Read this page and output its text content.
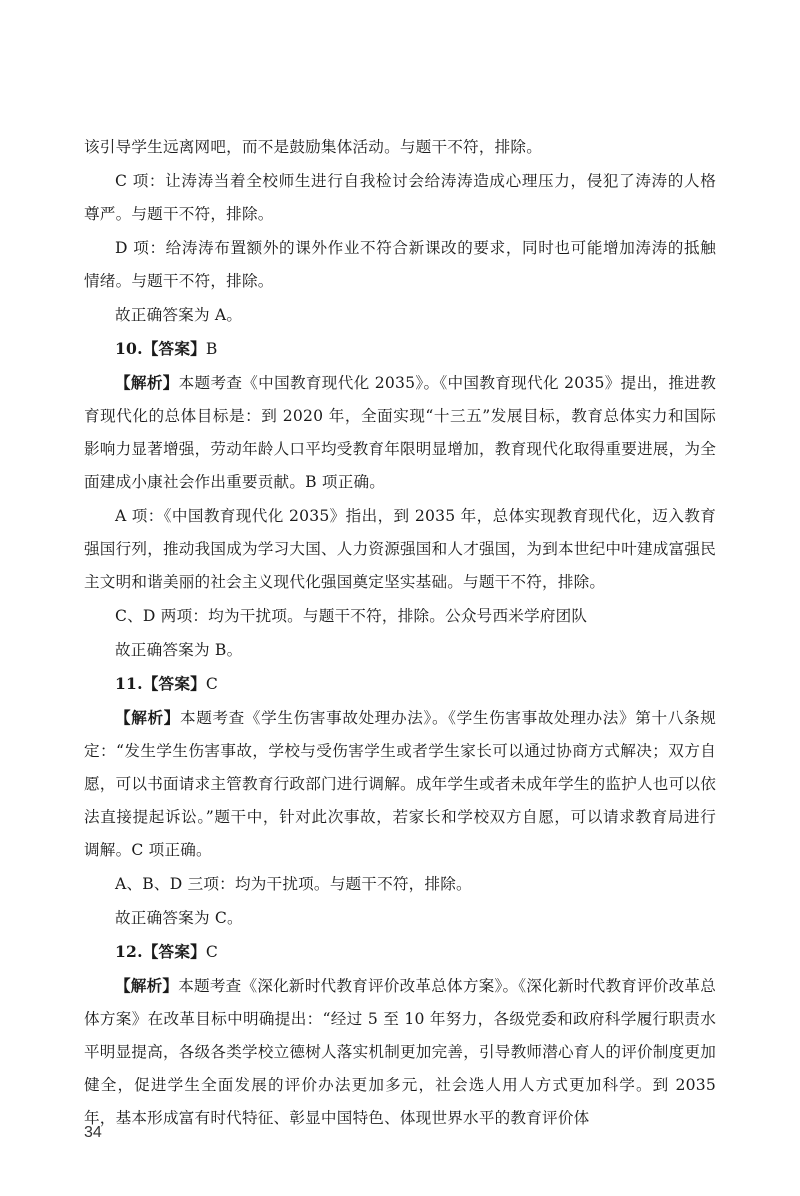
该引导学生远离网吧，而不是鼓励集体活动。与题干不符，排除。

C 项：让涛涛当着全校师生进行自我检讨会给涛涛造成心理压力，侵犯了涛涛的人格尊严。与题干不符，排除。

D 项：给涛涛布置额外的课外作业不符合新课改的要求，同时也可能增加涛涛的抵触情绪。与题干不符，排除。

故正确答案为 A。

10.【答案】B

【解析】本题考查《中国教育现代化 2035》。《中国教育现代化 2035》提出，推进教育现代化的总体目标是：到 2020 年，全面实现“十三五”发展目标，教育总体实力和国际影响力显著增强，劳动年龄人口平均受教育年限明显增加，教育现代化取得重要进展，为全面建成小康社会作出重要贡献。B 项正确。

A 项：《中国教育现代化 2035》指出，到 2035 年，总体实现教育现代化，迈入教育强国行列，推动我国成为学习大国、人力资源强国和人才强国，为到本世纪中叶建成富强民主文明和谐美丽的社会主义现代化强国奠定坚实基础。与题干不符，排除。

C、D 两项：均为干扰项。与题干不符，排除。公众号西米学府团队

故正确答案为 B。

11.【答案】C

【解析】本题考查《学生伤害事故处理办法》。《学生伤害事故处理办法》第十八条规定：“发生学生伤害事故，学校与受伤害学生或者学生家长可以通过协商方式解决；双方自愿，可以书面请求主管教育行政部门进行调解。成年学生或者未成年学生的监护人也可以依法直接提起诉讼。”题干中，针对此次事故，若家长和学校双方自愿，可以请求教育局进行调解。C 项正确。

A、B、D 三项：均为干扰项。与题干不符，排除。

故正确答案为 C。

12.【答案】C

【解析】本题考查《深化新时代教育评价改革总体方案》。《深化新时代教育评价改革总体方案》在改革目标中明确提出：“经过 5 至 10 年努力，各级党委和政府科学履行职责水平明显提高，各级各类学校立德树人落实机制更加完善，引导教师潜心育人的评价制度更加健全，促进学生全面发展的评价办法更加多元，社会选人用人方式更加科学。到 2035 年，基本形成富有时代特征、彰显中国特色、体现世界水平的教育评价体

34
